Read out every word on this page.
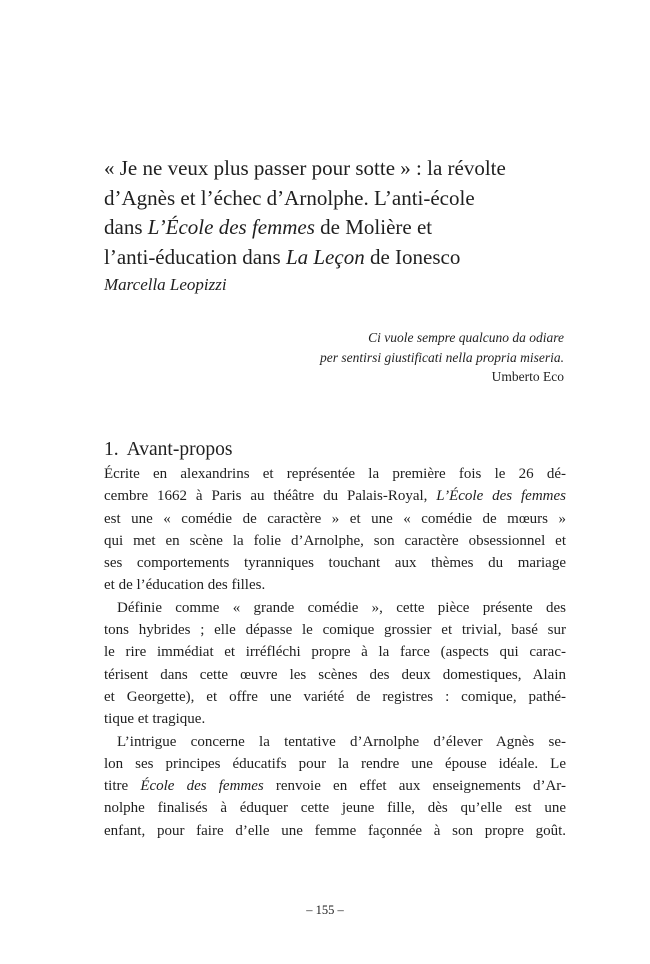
« Je ne veux plus passer pour sotte » : la révolte
d’Agnès et l’échec d’Arnolphe. L’anti-école
dans L’École des femmes de Molière et
l’anti-éducation dans La Leçon de Ionesco
Marcella Leopizzi
Ci vuole sempre qualcuno da odiare
per sentirsi giustificati nella propria miseria.
Umberto Eco
1. Avant-propos
Écrite en alexandrins et représentée la première fois le 26 dé-
cembre 1662 à Paris au théâtre du Palais-Royal, L’École des femmes
est une « comédie de caractère » et une « comédie de mœurs »
qui met en scène la folie d’Arnolphe, son caractère obsessionnel et
ses comportements tyranniques touchant aux thèmes du mariage
et de l’éducation des filles.
Définie comme « grande comédie », cette pièce présente des
tons hybrides ; elle dépasse le comique grossier et trivial, basé sur
le rire immédiat et irréfléchi propre à la farce (aspects qui carac-
térisent dans cette œuvre les scènes des deux domestiques, Alain
et Georgette), et offre une variété de registres : comique, pathé-
tique et tragique.
L’intrigue concerne la tentative d’Arnolphe d’élever Agnès se-
lon ses principes éducatifs pour la rendre une épouse idéale. Le
titre École des femmes renvoie en effet aux enseignements d’Ar-
nolphe finalisés à éduquer cette jeune fille, dès qu’elle est une
enfant, pour faire d’elle une femme façonnée à son propre goût.
– 155 –
